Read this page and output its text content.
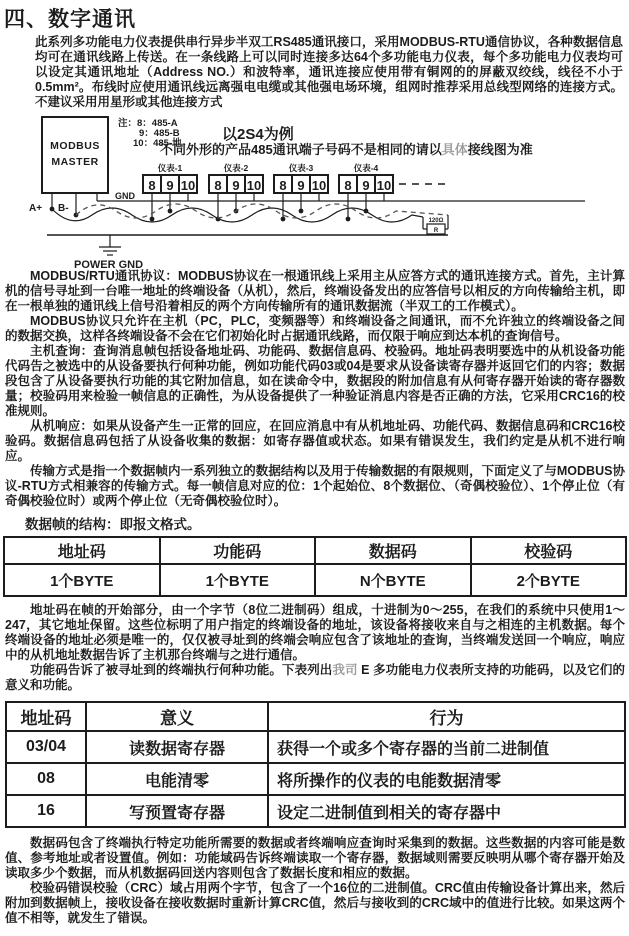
四、数字通讯
此系列多功能电力仪表提供串行异步半双工RS485通讯接口，采用MODBUS-RTU通信协议，各种数据信息均可在通讯线路上传送。在一条线路上可以同时连接多达64个多功能电力仪表，每个多功能电力仪表均可以设定其通讯地址（Address NO.）和波特率，通讯连接应使用带有铜网的的屏蔽双绞线，线径不小于0.5mm²。布线时应使用通讯线远离强电电缆或其他强电场环境，组网时推荐采用总线型网络的连接方式。不建议采用用星形或其他连接方式
MODBUS
MASTER
A+ B-
注：8：485-A
9：485-B
10：485-地
以2S4为例
不同外形的产品485通讯端子号码不是相同的请以具体接线图为准
GND
仪表-1
8 9 10
仪表-2
8 9 10
仪表-3
8 9 10
仪表-4
8 9 10
120Ω
R
POWER GND

MODBUS/RTU通讯协议：MODBUS协议在一根通讯线上采用主从应答方式的通讯连接方式。首先，主计算机的信号寻址到一台唯一地址的终端设备（从机），然后，终端设备发出的应答信号以相反的方向传输给主机，即在一根单独的通讯线上信号沿着相反的两个方向传输所有的通讯数据流（半双工的工作模式）。

MODBUS协议只允许在主机（PC，PLC，变频器等）和终端设备之间通讯，而不允许独立的终端设备之间的数据交换，这样各终端设备不会在它们初始化时占据通讯线路，而仅限于响应到达本机的查询信号。

主机查询：查询消息帧包括设备地址码、功能码、数据信息码、校验码。地址码表明要选中的从机设备功能代码告之被选中的从设备要执行何种功能，例如功能代码03或04是要求从设备读寄存器并返回它们的内容；数据段包含了从设备要执行功能的其它附加信息，如在读命令中，数据段的附加信息有从何寄存器开始读的寄存器数量；校验码用来检验一帧信息的正确性，为从设备提供了一种验证消息内容是否正确的方法，它采用CRC16的校准规则。

从机响应：如果从设备产生一正常的回应，在回应消息中有从机地址码、功能代码、数据信息码和CRC16校验码。数据信息码包括了从设备收集的数据：如寄存器值或状态。如果有错误发生，我们约定是从机不进行响应。

传输方式是指一个数据帧内一系列独立的数据结构以及用于传输数据的有限规则，下面定义了与MODBUS协议-RTU方式相兼容的传输方式。每一帧信息对应的位：1个起始位、8个数据位、（奇偶校验位）、1个停止位（有奇偶校验位时）或两个停止位（无奇偶校验位时）。

数据帧的结构：即报文格式。
地址码	功能码	数据码	校验码
1个BYTE	1个BYTE	N个BYTE	2个BYTE

地址码在帧的开始部分，由一个字节（8位二进制码）组成，十进制为0～255，在我们的系统中只使用1～247，其它地址保留。这些位标明了用户指定的终端设备的地址，该设备将接收来自与之相连的主机数据。每个终端设备的地址必须是唯一的，仅仅被寻址到的终端会响应包含了该地址的查询，当终端发送回一个响应，响应中的从机地址数据告诉了主机那台终端与之进行通信。

功能码告诉了被寻址到的终端执行何种功能。下表列出我司 E 多功能电力仪表所支持的功能码，以及它们的意义和功能。

地址码	意义	行为
03/04	读数据寄存器	获得一个或多个寄存器的当前二进制值
08	电能清零	将所操作的仪表的电能数据清零
16	写预置寄存器	设定二进制值到相关的寄存器中

数据码包含了终端执行特定功能所需要的数据或者终端响应查询时采集到的数据。这些数据的内容可能是数值、参考地址或者设置值。例如：功能域码告诉终端读取一个寄存器，数据域则需要反映明从哪个寄存器开始及读取多少个数据，而从机数据码回送内容则包含了数据长度和相应的数据。

校验码错误校验（CRC）域占用两个字节，包含了一个16位的二进制值。CRC值由传输设备计算出来，然后附加到数据帧上，接收设备在接收数据时重新计算CRC值，然后与接收到的CRC域中的值进行比较。如果这两个值不相等，就发生了错误。
